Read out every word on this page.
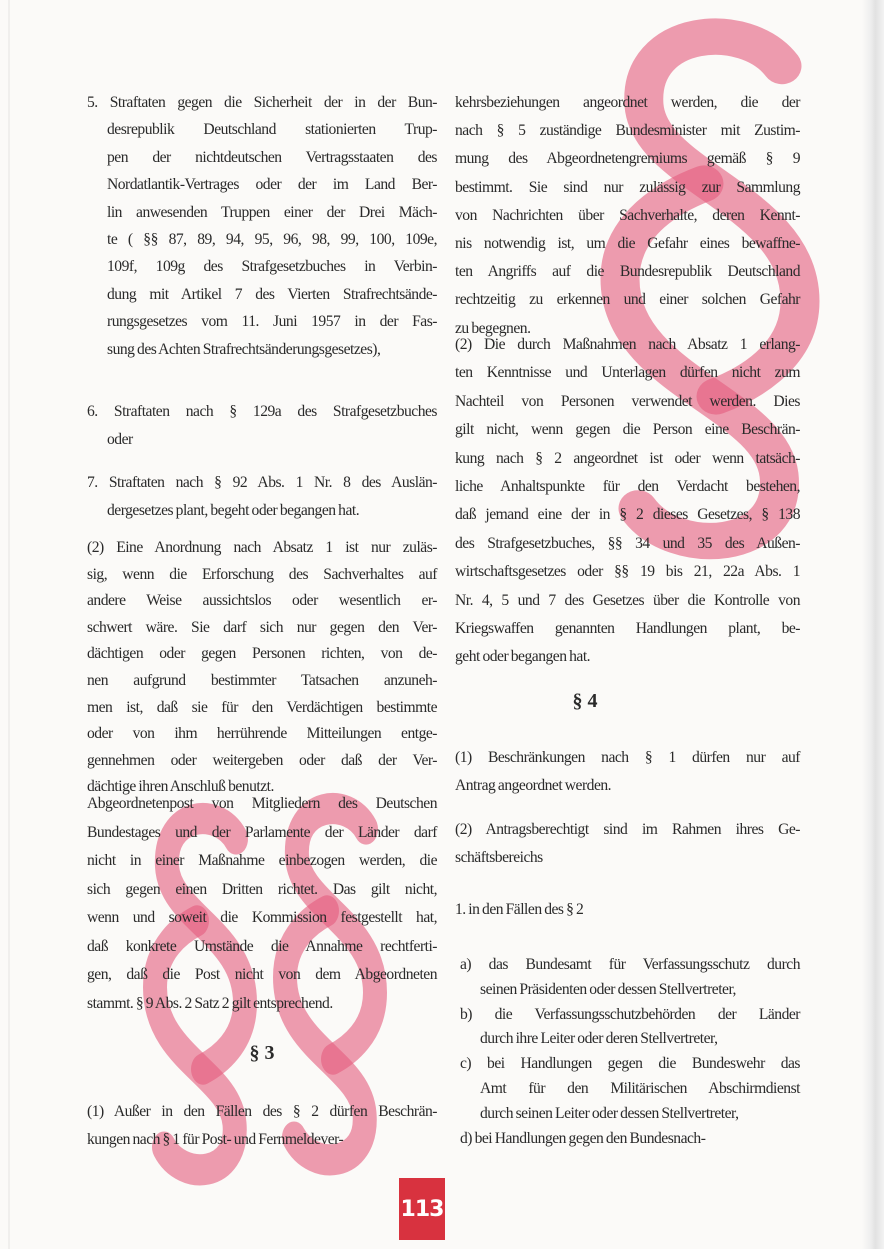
5. Straftaten gegen die Sicherheit der in der Bun-
desrepublik Deutschland stationierten Trup-
pen der nichtdeutschen Vertragsstaaten des
Nordatlantik-Vertrages oder der im Land Ber-
lin anwesenden Truppen einer der Drei Mäch-
te ( §§ 87, 89, 94, 95, 96, 98, 99, 100, 109e,
109f, 109g des Strafgesetzbuches in Verbin-
dung mit Artikel 7 des Vierten Strafrechtsände-
rungsgesetzes vom 11. Juni 1957 in der Fas-
sung des Achten Strafrechtsänderungsgesetzes),
6. Straftaten nach § 129a des Strafgesetzbuches
oder
7. Straftaten nach § 92 Abs. 1 Nr. 8 des Auslän-
dergesetzes plant, begeht oder begangen hat.
(2) Eine Anordnung nach Absatz 1 ist nur zuläs-
sig, wenn die Erforschung des Sachverhaltes auf
andere Weise aussichtslos oder wesentlich er-
schwert wäre. Sie darf sich nur gegen den Ver-
dächtigen oder gegen Personen richten, von de-
nen aufgrund bestimmter Tatsachen anzuneh-
men ist, daß sie für den Verdächtigen bestimmte
oder von ihm herrührende Mitteilungen entge-
gennehmen oder weitergeben oder daß der Ver-
dächtige ihren Anschluß benutzt.
Abgeordnetenpost von Mitgliedern des Deutschen
Bundestages und der Parlamente der Länder darf
nicht in einer Maßnahme einbezogen werden, die
sich gegen einen Dritten richtet. Das gilt nicht,
wenn und soweit die Kommission festgestellt hat,
daß konkrete Umstände die Annahme rechtferti-
gen, daß die Post nicht von dem Abgeordneten
stammt. § 9 Abs. 2 Satz 2 gilt entsprechend.
§ 3
(1) Außer in den Fällen des § 2 dürfen Beschrän-
kungen nach § 1 für Post- und Fernmeldever-
kehrsbeziehungen angeordnet werden, die der
nach § 5 zuständige Bundesminister mit Zustim-
mung des Abgeordnetengremiums gemäß § 9
bestimmt. Sie sind nur zulässig zur Sammlung
von Nachrichten über Sachverhalte, deren Kennt-
nis notwendig ist, um die Gefahr eines bewaffne-
ten Angriffs auf die Bundesrepublik Deutschland
rechtzeitig zu erkennen und einer solchen Gefahr
zu begegnen.
(2) Die durch Maßnahmen nach Absatz 1 erlang-
ten Kenntnisse und Unterlagen dürfen nicht zum
Nachteil von Personen verwendet werden. Dies
gilt nicht, wenn gegen die Person eine Beschrän-
kung nach § 2 angeordnet ist oder wenn tatsäch-
liche Anhaltspunkte für den Verdacht bestehen,
daß jemand eine der in § 2 dieses Gesetzes, § 138
des Strafgesetzbuches, §§ 34 und 35 des Außen-
wirtschaftsgesetzes oder §§ 19 bis 21, 22a Abs. 1
Nr. 4, 5 und 7 des Gesetzes über die Kontrolle von
Kriegswaffen genannten Handlungen plant, be-
geht oder begangen hat.
§ 4
(1) Beschränkungen nach § 1 dürfen nur auf
Antrag angeordnet werden.
(2) Antragsberechtigt sind im Rahmen ihres Ge-
schäftsbereichs
1. in den Fällen des § 2
a) das Bundesamt für Verfassungsschutz durch
seinen Präsidenten oder dessen Stellvertreter,
b) die Verfassungsschutzbehörden der Länder
durch ihre Leiter oder deren Stellvertreter,
c) bei Handlungen gegen die Bundeswehr das
Amt für den Militärischen Abschirmdienst
durch seinen Leiter oder dessen Stellvertreter,
d) bei Handlungen gegen den Bundesnach-
113
